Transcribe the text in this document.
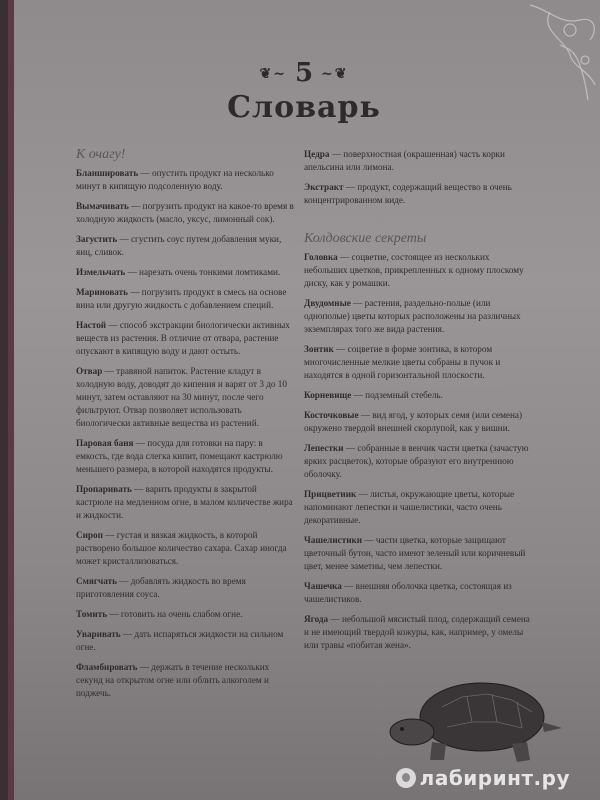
❦~ 5 ~❦
Словарь
К очагу!
Бланшировать — опустить продукт на несколько минут в кипящую подсоленную воду.
Вымачивать — погрузить продукт на какое-то время в холодную жидкость (масло, уксус, лимонный сок).
Загустить — сгустить соус путем добавления муки, яиц, сливок.
Измельчать — нарезать очень тонкими ломтиками.
Мариновать — погрузить продукт в смесь на основе вина или другую жидкость с добавлением специй.
Настой — способ экстракции биологически активных веществ из растения. В отличие от отвара, растение опускают в кипящую воду и дают остыть.
Отвар — травяной напиток. Растение кладут в холодную воду, доводят до кипения и варят от 3 до 10 минут, затем оставляют на 30 минут, после чего фильтруют. Отвар позволяет использовать биологически активные вещества из растений.
Паровая баня — посуда для готовки на пару: в емкость, где вода слегка кипит, помещают кастрюлю меньшего размера, в которой находятся продукты.
Пропаривать — варить продукты в закрытой кастрюле на медленном огне, в малом количестве жира и жидкости.
Сироп — густая и вязкая жидкость, в которой растворено большое количество сахара. Сахар иногда может кристаллизоваться.
Смягчать — добавлять жидкость во время приготовления соуса.
Томить — готовить на очень слабом огне.
Уваривать — дать испаряться жидкости на сильном огне.
Фламбировать — держать в течение нескольких секунд на открытом огне или облить алкоголем и поджечь.
Цедра — поверхностная (окрашенная) часть корки апельсина или лимона.
Экстракт — продукт, содержащий вещество в очень концентрированном виде.
Колдовские секреты
Головка — соцветие, состоящее из нескольких небольших цветков, прикрепленных к одному плоскому диску, как у ромашки.
Двудомные — растения, раздельно-полые (или однополые) цветы которых расположены на различных экземплярах того же вида растения.
Зонтик — соцветие в форме зонтика, в котором многочисленные мелкие цветы собраны в пучок и находятся в одной горизонтальной плоскости.
Корневище — подземный стебель.
Косточковые — вид ягод, у которых семя (или семена) окружено твердой внешней скорлупой, как у вишни.
Лепестки — собранные в венчик части цветка (зачастую ярких расцветок), которые образуют его внутреннюю оболочку.
Прицветник — листья, окружающие цветы, которые напоминают лепестки и чашелистики, часто очень декоративные.
Чашелистики — части цветка, которые защищают цветочный бутон, часто имеют зеленый или коричневый цвет, менее заметны, чем лепестки.
Чашечка — внешняя оболочка цветка, состоящая из чашелистиков.
Ягода — небольшой мясистый плод, содержащий семена и не имеющий твердой кожуры, как, например, у омелы или травы «побитая жена».
лабиринт.ру
